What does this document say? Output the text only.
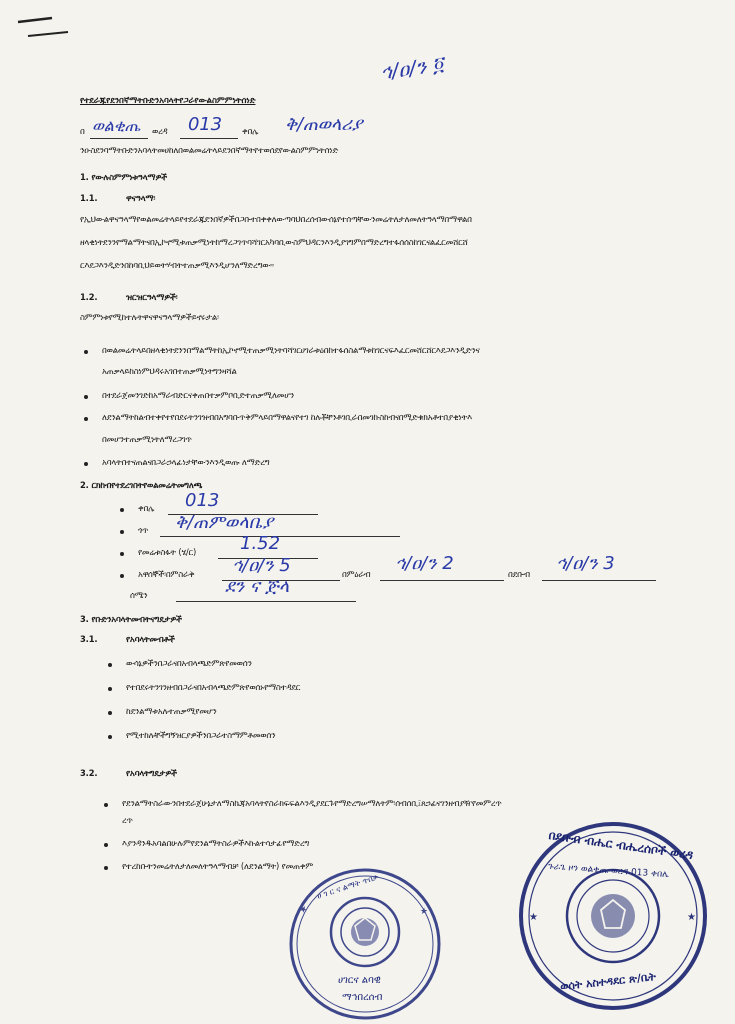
ኅ/ዐ/ን ፬
የተደራጁየደንበኛማትቡድንአባላትየጋራየውልስምምነትሰነድ
በ ወልቂጤ ወረዳ 013 ቀበሌ ቅ/ጠወላሪያ
ንዑስደንባማትቡድንአባላትመሀከለበወልመሬትላይደንበኛማትየተወሰደየውልስምምነትሰነድ
1. የውሉስምምነቱዓላማዎች
1.1.	ዋናዓላማ፡
የኢህውልዋናዓላማየወልመሬትላይየተደራጁደንበኛዎችበጋቡተበቀቀለውጣባህበረሰብውሰኔየተሰጣቸውንመሬትለታለመለትዓላማበማዋልበ
ዘላቂነትደንንየማልማትናበኢኮኖሚቱጠቃሚነትከማረጋገጥባሻገርአካባቢውስምህዳርንእንዲያገግምበማድረግተፋሰሰስከገርናልፈርመሸርሸ
ርእደጋእንዲድንበከባቢህይወትሃብትተጠቃሚእንዲሆንለማድረግው።
1.2.	ዝርዝርዓላማዎች፡
ስምምነቱየሚከተሉትዋናዋናዓላማዎችይኖሩታል፡
በወልመሬትላይበዘላቂነትደንንበማልማትከኢኮኖሚተጠቃሚነትባሻገርሀገራቱዕበከተፋሰስልማቱከገርናፍእፈርመሸርሸርእደጋእንዲድንና
አጠቃላይከስነምህዳሩአገበተጠቃሚነትግንዛሻል
በተደራጀመንገድከአማራብድርናቀጠበተቃምቦቢድተጠቃሚለመሆን
ለደንልማትከልብተቀየተየበደሩትንገዝብበአግባቡጥቅምላይበማዋልናየተገ ከሉቾቸንቶገቢራበመገኩስከብናበሚድቁክአቶተበያቂነትእ
በመሆንተጠቃሚነትለማረጋገጥ
አባላትበተናጠልናበጋራኃላፊነታቸውንእንዲወጡ ለማድረግ
2. ርክከብየተደረገበትየወልመሬትመግለጫ
ቀበሌ 013
ጎጥ ቅ/ጠምወላቤያ
የመሬቱስፋት (ሄ/ር) 1.52
አዋሰኞች፡በምስራቅ ኅ/ዐ/ን 5	በምዕራብ ኅ/ዐ/ን 2	በደቡብ ኅ/ዐ/ን 3
ሰሜን	ደን ና ጅላ
3. የቡድንአባላትመብትናግዴታዎች
3.1.	የአባላትመብቶች
ውሳኔዎችንበጋራናበአብላጫድምጽየመወሰን
የተበደሩትንገንዘብበጋራናበአብላጫድምጽየወሰኑየማስተዳደር
ከደንልማቱአሉተጠቃሚየመሆን
የሚተከሉቸችግኝዝርያዎችንበጋራተስማምቶመወሰን
3.2.	የአባላትግዴታዎች
የደንልማትስራውንበተደራጀሁኔታለማስኬጃአባላትየስራክፍፍልእንዲያደርጉየማድረግሠማለትም፡ሰብሰቢ፤ጸኃፊናገንዘብያዥየመምረጥ
ረጥ
እያንዳንዱአባልበሁሉምየደንልማትስራዎችእኩልተሳታፊየማድረግ
የተረከቡትንመሬትለታለመለትዓላማብቻ (ለደንልማት) የመጠቀም
★	★
ሀ ገ ር ና ልማት ጥበቃ
ሀገርና ልባዊ
ማኅበረሰብ
★	★
በደቡብ ብሔር ብሔረሰቦች ወረዳ
ጉራጌ ዞን ወልቂጤ ወረዳ 013 ቀበሌ
ወሰት አስተዳደር ጽ/ቤት
